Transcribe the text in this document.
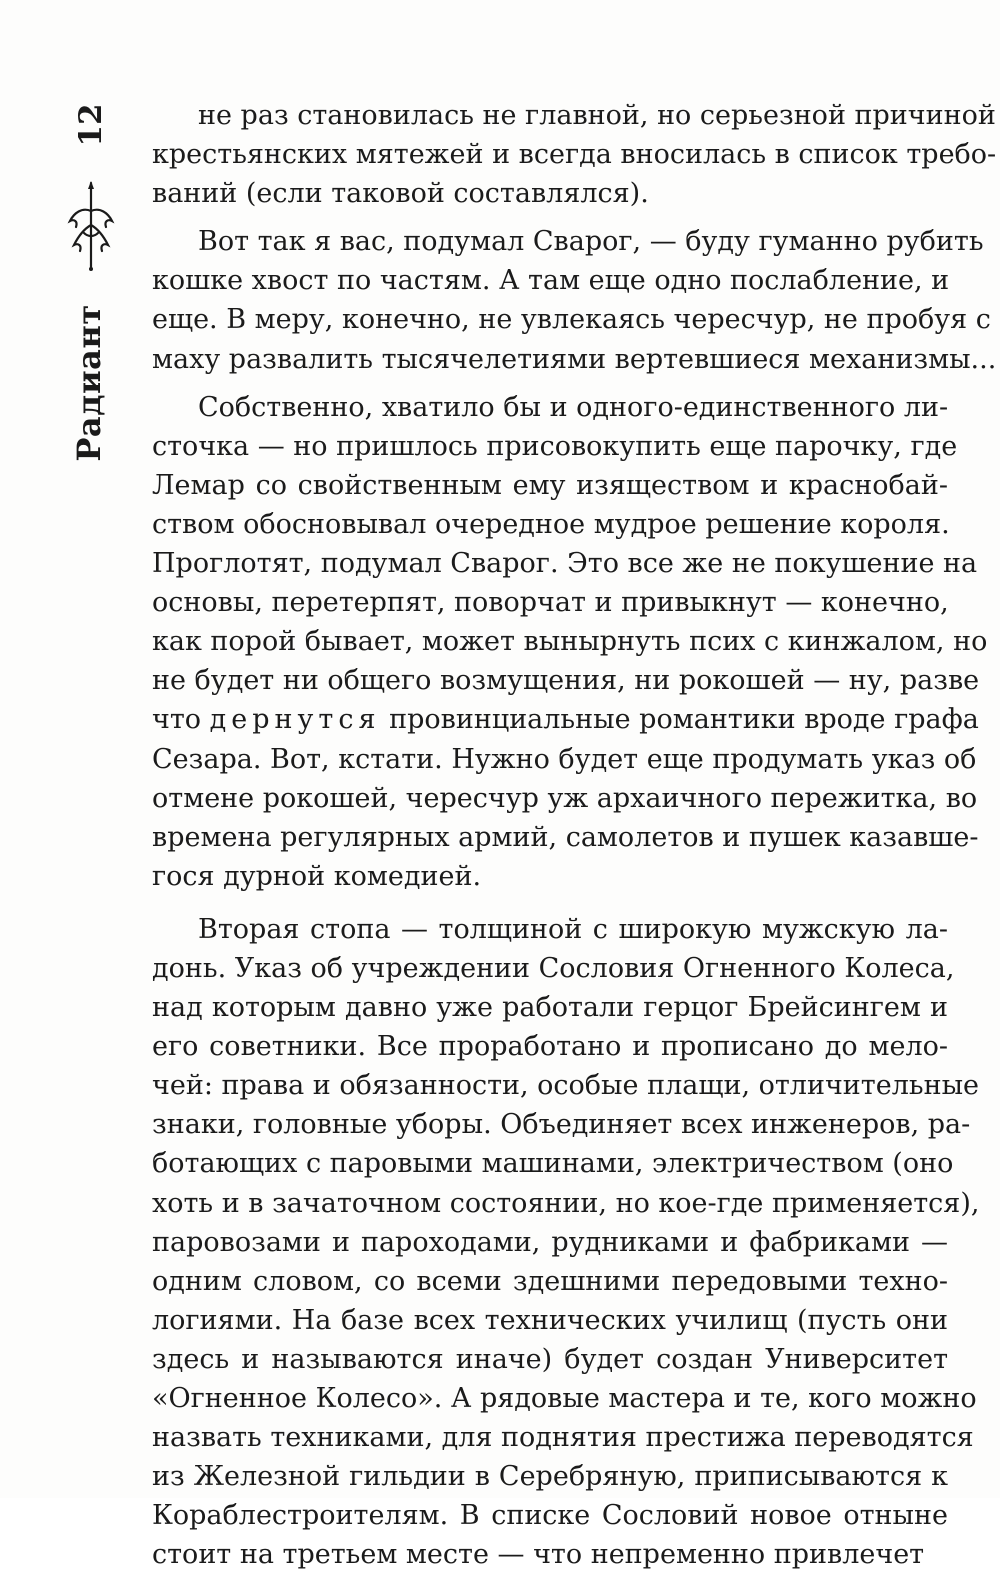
12
Радиант
не раз становилась не главной, но серьезной причиной
крестьянских мятежей и всегда вносилась в список требо-
ваний (если таковой составлялся).
Вот так я вас, подумал Сварог, — буду гуманно рубить
кошке хвост по частям. А там еще одно послабление, и
еще. В меру, конечно, не увлекаясь чересчур, не пробуя с
маху развалить тысячелетиями вертевшиеся механизмы...
Собственно, хватило бы и одного-единственного ли-
сточка — но пришлось присовокупить еще парочку, где
Лемар со свойственным ему изяществом и краснобай-
ством обосновывал очередное мудрое решение короля.
Проглотят, подумал Сварог. Это все же не покушение на
основы, перетерпят, поворчат и привыкнут — конечно,
как порой бывает, может вынырнуть псих с кинжалом, но
не будет ни общего возмущения, ни рокошей — ну, разве
что дернутся провинциальные романтики вроде графа
Сезара. Вот, кстати. Нужно будет еще продумать указ об
отмене рокошей, чересчур уж архаичного пережитка, во
времена регулярных армий, самолетов и пушек казавше-
гося дурной комедией.
Вторая стопа — толщиной с широкую мужскую ла-
донь. Указ об учреждении Сословия Огненного Колеса,
над которым давно уже работали герцог Брейсингем и
его советники. Все проработано и прописано до мело-
чей: права и обязанности, особые плащи, отличительные
знаки, головные уборы. Объединяет всех инженеров, ра-
ботающих с паровыми машинами, электричеством (оно
хоть и в зачаточном состоянии, но кое-где применяется),
паровозами и пароходами, рудниками и фабриками —
одним словом, со всеми здешними передовыми техно-
логиями. На базе всех технических училищ (пусть они
здесь и называются иначе) будет создан Университет
«Огненное Колесо». А рядовые мастера и те, кого можно
назвать техниками, для поднятия престижа переводятся
из Железной гильдии в Серебряную, приписываются к
Кораблестроителям. В списке Сословий новое отныне
стоит на третьем месте — что непременно привлечет
